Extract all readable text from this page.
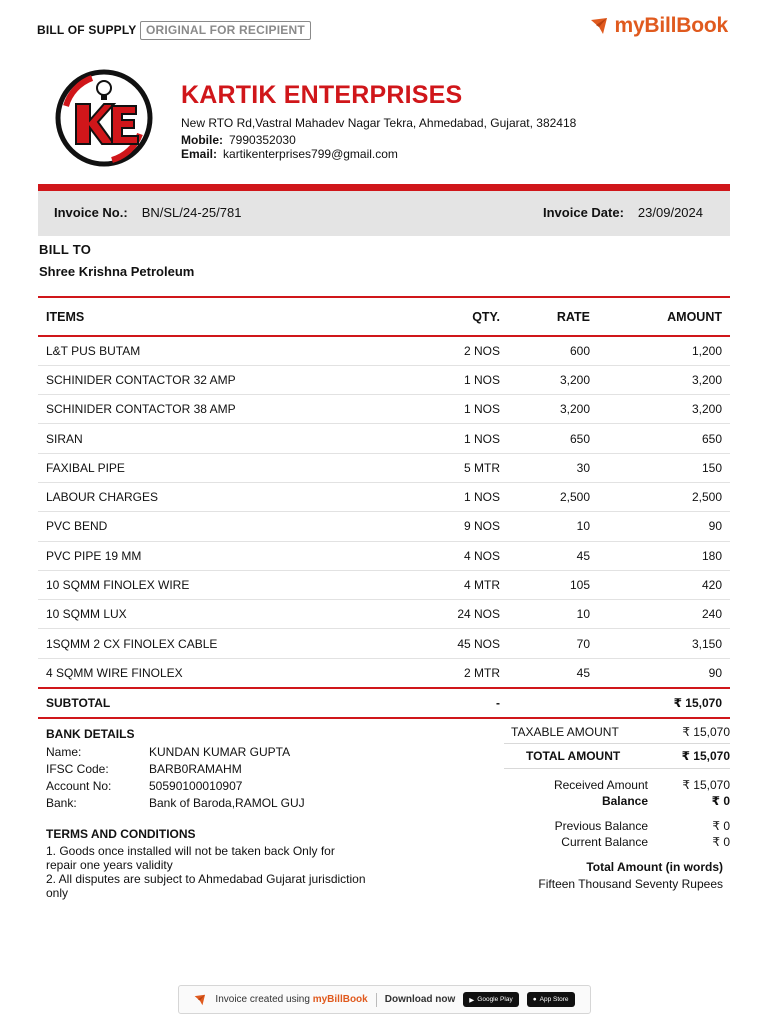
BILL OF SUPPLY ORIGINAL FOR RECIPIENT	myBillBook
KARTIK ENTERPRISES
New RTO Rd,Vastral Mahadev Nagar Tekra, Ahmedabad, Gujarat, 382418
Mobile: 7990352030
Email: kartikenterprises799@gmail.com
Invoice No.: BN/SL/24-25/781	Invoice Date: 23/09/2024
BILL TO
Shree Krishna Petroleum
ITEMS	QTY.	RATE	AMOUNT
L&T PUS BUTAM	2 NOS	600	1,200
SCHINIDER CONTACTOR 32 AMP	1 NOS	3,200	3,200
SCHINIDER CONTACTOR 38 AMP	1 NOS	3,200	3,200
SIRAN	1 NOS	650	650
FAXIBAL PIPE	5 MTR	30	150
LABOUR CHARGES	1 NOS	2,500	2,500
PVC BEND	9 NOS	10	90
PVC PIPE 19 MM	4 NOS	45	180
10 SQMM FINOLEX WIRE	4 MTR	105	420
10 SQMM LUX	24 NOS	10	240
1SQMM 2 CX FINOLEX CABLE	45 NOS	70	3,150
4 SQMM WIRE FINOLEX	2 MTR	45	90
SUBTOTAL	-		₹ 15,070
BANK DETAILS
Name:	KUNDAN KUMAR GUPTA
IFSC Code:	BARB0RAMAHM
Account No:	50590100010907
Bank:	Bank of Baroda,RAMOL GUJ
TERMS AND CONDITIONS
1. Goods once installed will not be taken back Only for repair one years validity
2. All disputes are subject to Ahmedabad Gujarat jurisdiction only
TAXABLE AMOUNT	₹ 15,070
TOTAL AMOUNT	₹ 15,070
Received Amount	₹ 15,070
Balance	₹ 0
Previous Balance	₹ 0
Current Balance	₹ 0
Total Amount (in words)
Fifteen Thousand Seventy Rupees
Invoice created using myBillBook Download now ▶ Google Play	● App Store
